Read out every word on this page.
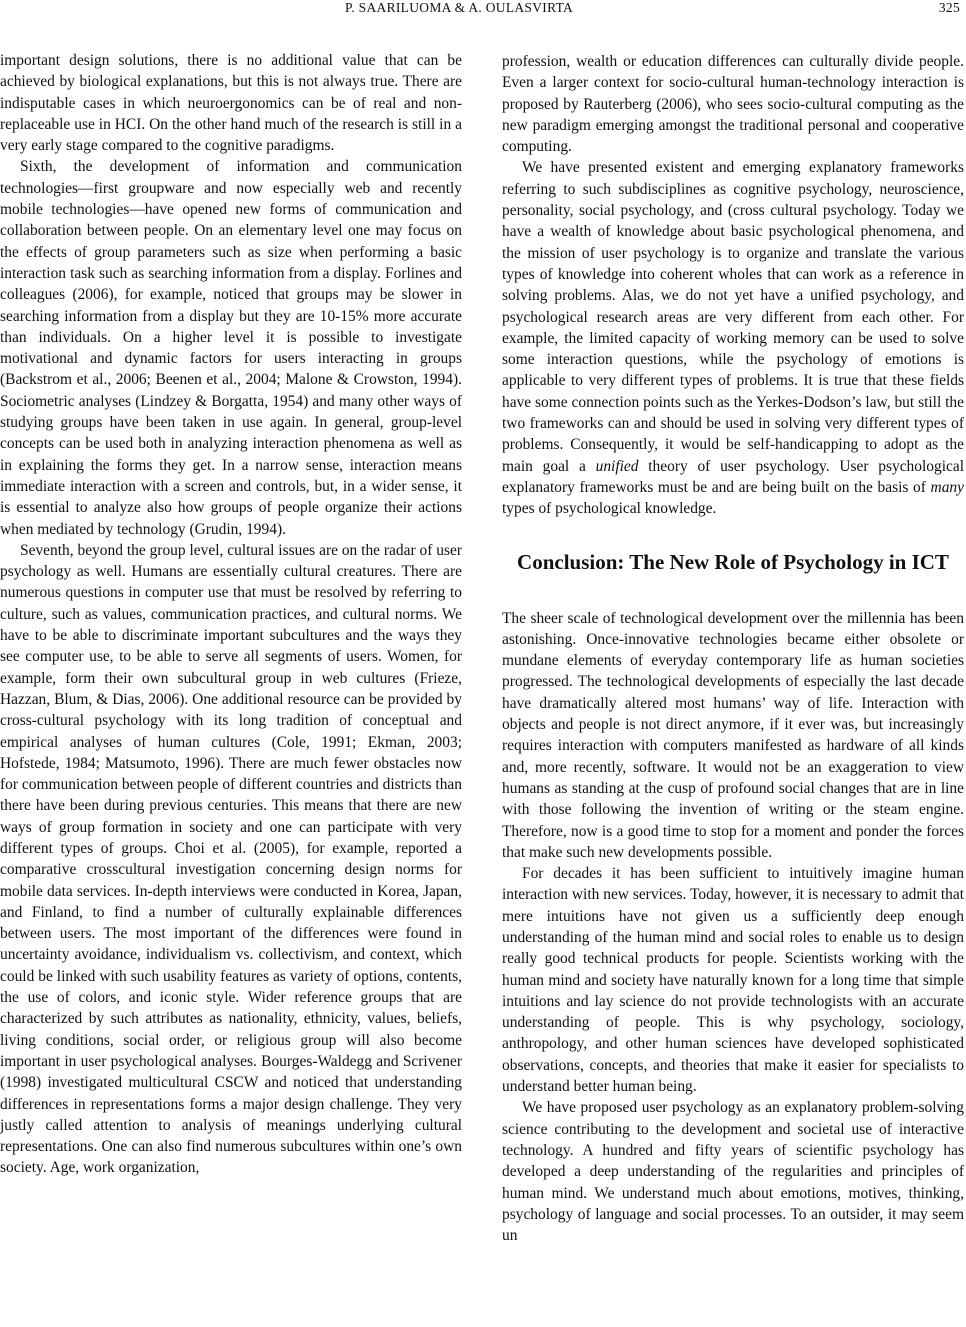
P. SAARILUOMA & A. OULASVIRTA	325

important design solutions, there is no additional value that can be achieved by biological explanations, but this is not always true. There are indisputable cases in which neuroergonomics can be of real and non-replaceable use in HCI. On the other hand much of the research is still in a very early stage compared to the cognitive paradigms.

Sixth, the development of information and communication technologies—first groupware and now especially web and recently mobile technologies—have opened new forms of communication and collaboration between people. On an elementary level one may focus on the effects of group parameters such as size when performing a basic interaction task such as searching information from a display. Forlines and colleagues (2006), for example, noticed that groups may be slower in searching information from a display but they are 10-15% more accurate than individuals. On a higher level it is possible to investigate motivational and dynamic factors for users interacting in groups (Backstrom et al., 2006; Beenen et al., 2004; Malone & Crowston, 1994). Sociometric analyses (Lindzey & Borgatta, 1954) and many other ways of studying groups have been taken in use again. In general, group-level concepts can be used both in analyzing interaction phenomena as well as in explaining the forms they get. In a narrow sense, interaction means immediate interaction with a screen and controls, but, in a wider sense, it is essential to analyze also how groups of people organize their actions when mediated by technology (Grudin, 1994).

Seventh, beyond the group level, cultural issues are on the radar of user psychology as well. Humans are essentially cultural creatures. There are numerous questions in computer use that must be resolved by referring to culture, such as values, communication practices, and cultural norms. We have to be able to discriminate important subcultures and the ways they see computer use, to be able to serve all segments of users. Women, for example, form their own subcultural group in web cultures (Frieze, Hazzan, Blum, & Dias, 2006). One additional resource can be provided by cross-cultural psychology with its long tradition of conceptual and empirical analyses of human cultures (Cole, 1991; Ekman, 2003; Hofstede, 1984; Matsumoto, 1996). There are much fewer obstacles now for communication between people of different countries and districts than there have been during previous centuries. This means that there are new ways of group formation in society and one can participate with very different types of groups. Choi et al. (2005), for example, reported a comparative crosscultural investigation concerning design norms for mobile data services. In-depth interviews were conducted in Korea, Japan, and Finland, to find a number of culturally explainable differences between users. The most important of the differences were found in uncertainty avoidance, individualism vs. collectivism, and context, which could be linked with such usability features as variety of options, contents, the use of colors, and iconic style. Wider reference groups that are characterized by such attributes as nationality, ethnicity, values, beliefs, living conditions, social order, or religious group will also become important in user psychological analyses. Bourges-Waldegg and Scrivener (1998) investigated multicultural CSCW and noticed that understanding differences in representations forms a major design challenge. They very justly called attention to analysis of meanings underlying cultural representations. One can also find numerous subcultures within one’s own society. Age, work organization,

profession, wealth or education differences can culturally divide people. Even a larger context for socio-cultural human-technology interaction is proposed by Rauterberg (2006), who sees socio-cultural computing as the new paradigm emerging amongst the traditional personal and cooperative computing.

We have presented existent and emerging explanatory frameworks referring to such subdisciplines as cognitive psychology, neuroscience, personality, social psychology, and (cross cultural psychology. Today we have a wealth of knowledge about basic psychological phenomena, and the mission of user psychology is to organize and translate the various types of knowledge into coherent wholes that can work as a reference in solving problems. Alas, we do not yet have a unified psychology, and psychological research areas are very different from each other. For example, the limited capacity of working memory can be used to solve some interaction questions, while the psychology of emotions is applicable to very different types of problems. It is true that these fields have some connection points such as the Yerkes-Dodson’s law, but still the two frameworks can and should be used in solving very different types of problems. Consequently, it would be self-handicapping to adopt as the main goal a unified theory of user psychology. User psychological explanatory frameworks must be and are being built on the basis of many types of psychological knowledge.

Conclusion: The New Role of Psychology in ICT

The sheer scale of technological development over the millennia has been astonishing. Once-innovative technologies became either obsolete or mundane elements of everyday contemporary life as human societies progressed. The technological developments of especially the last decade have dramatically altered most humans’ way of life. Interaction with objects and people is not direct anymore, if it ever was, but increasingly requires interaction with computers manifested as hardware of all kinds and, more recently, software. It would not be an exaggeration to view humans as standing at the cusp of profound social changes that are in line with those following the invention of writing or the steam engine. Therefore, now is a good time to stop for a moment and ponder the forces that make such new developments possible.

For decades it has been sufficient to intuitively imagine human interaction with new services. Today, however, it is necessary to admit that mere intuitions have not given us a sufficiently deep enough understanding of the human mind and social roles to enable us to design really good technical products for people. Scientists working with the human mind and society have naturally known for a long time that simple intuitions and lay science do not provide technologists with an accurate understanding of people. This is why psychology, sociology, anthropology, and other human sciences have developed sophisticated observations, concepts, and theories that make it easier for specialists to understand better human being.

We have proposed user psychology as an explanatory problem-solving science contributing to the development and societal use of interactive technology. A hundred and fifty years of scientific psychology has developed a deep understanding of the regularities and principles of human mind. We understand much about emotions, motives, thinking, psychology of language and social processes. To an outsider, it may seem un
